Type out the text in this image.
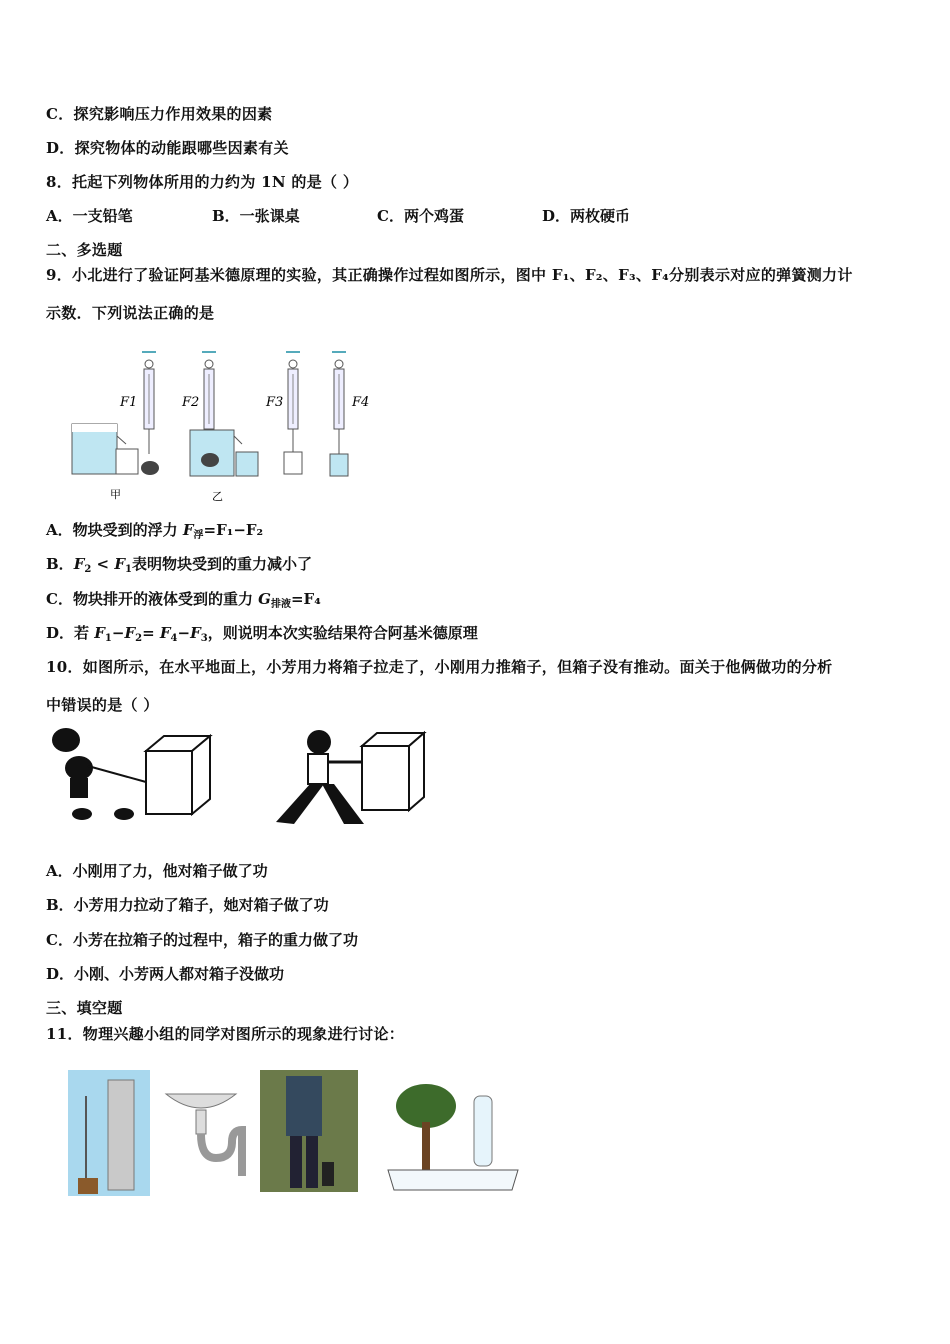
C．探究影响压力作用效果的因素
D．探究物体的动能跟哪些因素有关
8．托起下列物体所用的力约为 1N 的是（ ）
A．一支铅笔	B．一张课桌	C．两个鸡蛋	D．两枚硬币
二、多选题
9．小北进行了验证阿基米德原理的实验，其正确操作过程如图所示，图中 F₁、F₂、F₃、F₄分别表示对应的弹簧测力计
示数．下列说法正确的是
F1	F2	F3	F4
甲	乙
A．物块受到的浮力 $F_浮=F_1-F_2$
B．$F_2 < F_1$表明物块受到的重力减小了
C．物块排开的液体受到的重力 $G_{排液}=F_4$
D．若 $F_1-F_2= F_4-F_3$，则说明本次实验结果符合阿基米德原理
10．如图所示，在水平地面上，小芳用力将箱子拉走了，小刚用力推箱子，但箱子没有推动。面关于他俩做功的分析
中错误的是（ ）
A．小刚用了力，他对箱子做了功
B．小芳用力拉动了箱子，她对箱子做了功
C．小芳在拉箱子的过程中，箱子的重力做了功
D．小刚、小芳两人都对箱子没做功
三、填空题
11．物理兴趣小组的同学对图所示的现象进行讨论：
